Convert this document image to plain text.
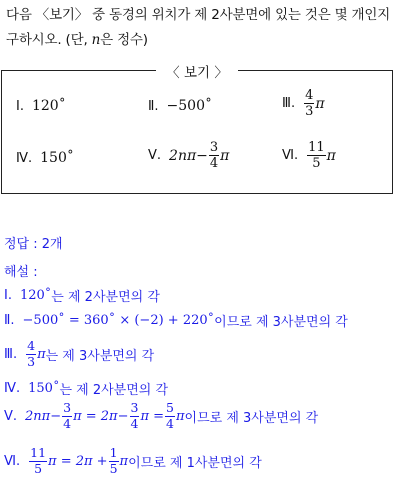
다음 〈보기〉 중 동경의 위치가 제 2사분면에 있는 것은 몇 개인지
구하시오. (단, n은 정수)
〈 보기 〉
Ⅰ. 120˚	Ⅱ. −500˚	Ⅲ. $\frac{4}{3}$ π
Ⅳ. 150˚	Ⅴ. $2n\pi- \frac{3}{4}$ π	Ⅵ. $\frac{11}{5}$ π
정답 : 2개
해설 :
Ⅰ. 120˚ 는 제 2사분면의 각
Ⅱ. −500˚ = 360˚ × (−2) + 220˚ 이므로 제 3사분면의 각
Ⅲ. $\frac{4}{3}$ π 는 제 3사분면의 각
Ⅳ. 150˚ 는 제 2사분면의 각
Ⅴ. $2n\pi- \frac{3}{4}$ $\pi = 2\pi- \frac{3}{4}$ $\pi = \frac{5}{4}$ π 이므로 제 3사분면의 각
Ⅵ. $\frac{11}{5}$ $\pi = 2\pi + \frac{1}{5}$ π 이므로 제 1사분면의 각
